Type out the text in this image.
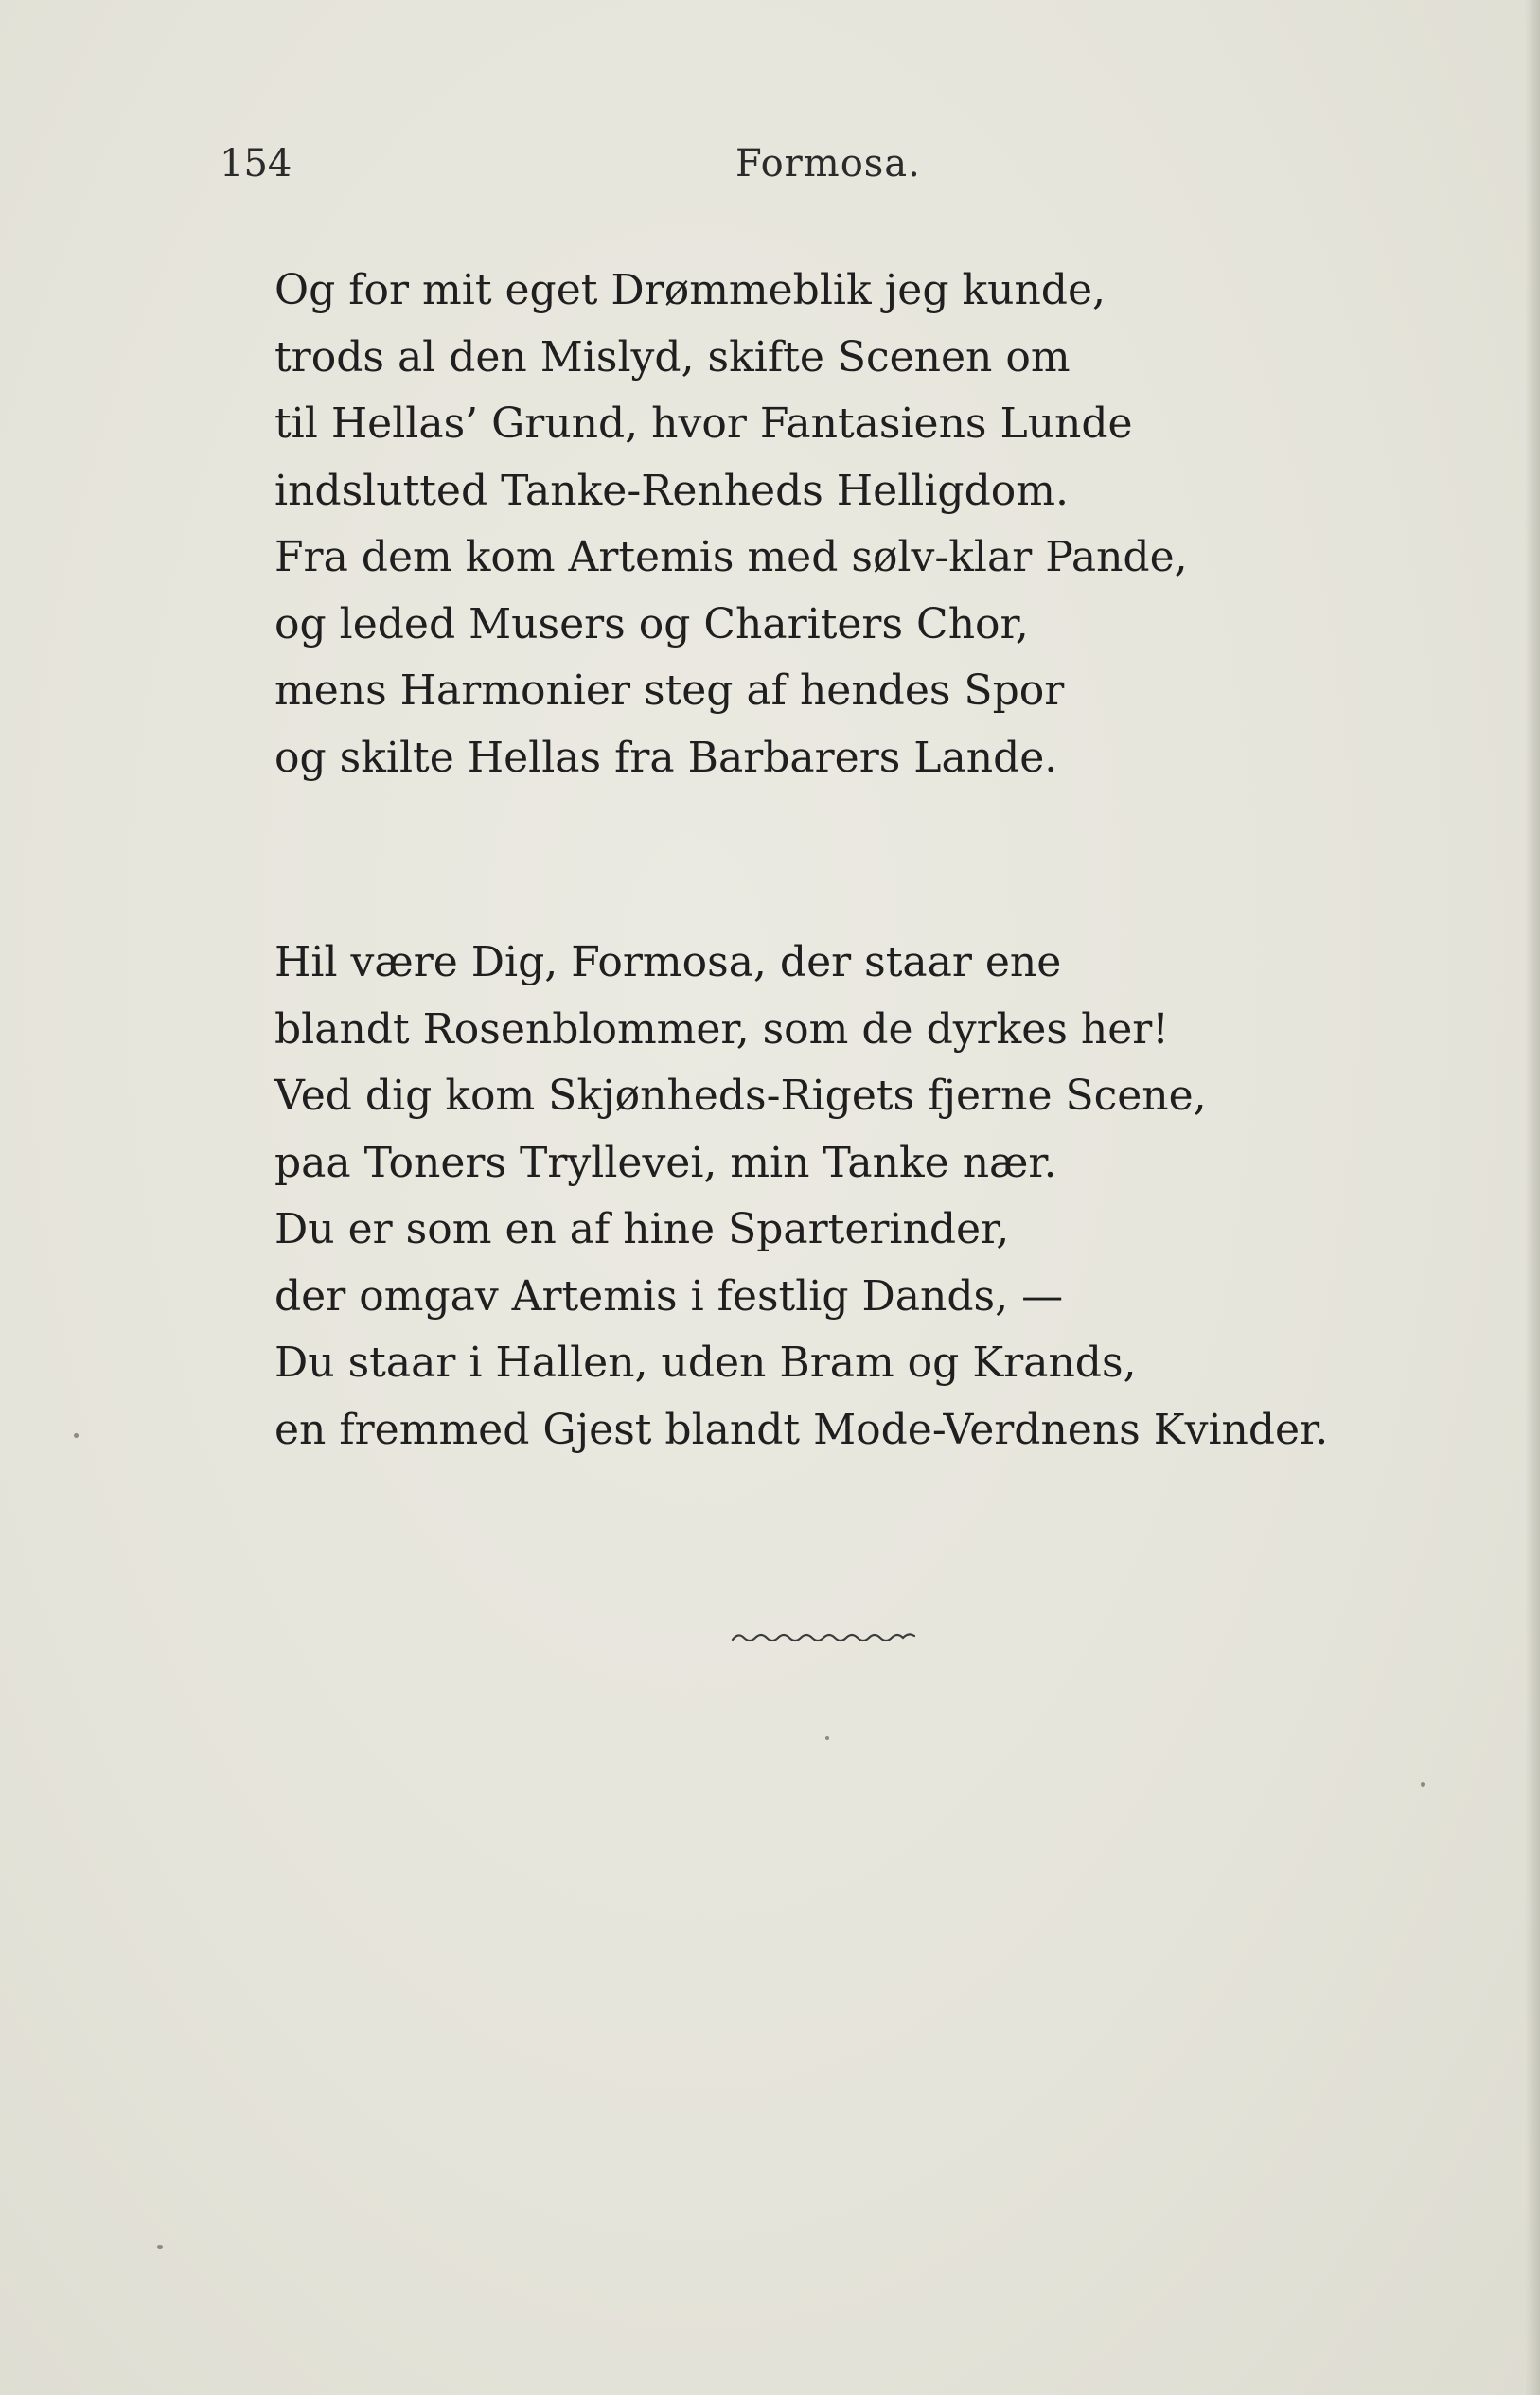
154	Formosa.
Og for mit eget Drømmeblik jeg kunde,
trods al den Mislyd, skifte Scenen om
til Hellas’ Grund, hvor Fantasiens Lunde
indslutted Tanke-Renheds Helligdom.
Fra dem kom Artemis med sølv-klar Pande,
og leded Musers og Chariters Chor,
mens Harmonier steg af hendes Spor
og skilte Hellas fra Barbarers Lande.
Hil være Dig, Formosa, der staar ene
blandt Rosenblommer, som de dyrkes her!
Ved dig kom Skjønheds-Rigets fjerne Scene,
paa Toners Tryllevei, min Tanke nær.
Du er som en af hine Sparterinder,
der omgav Artemis i festlig Dands, —
Du staar i Hallen, uden Bram og Krands,
en fremmed Gjest blandt Mode-Verdnens Kvinder.
